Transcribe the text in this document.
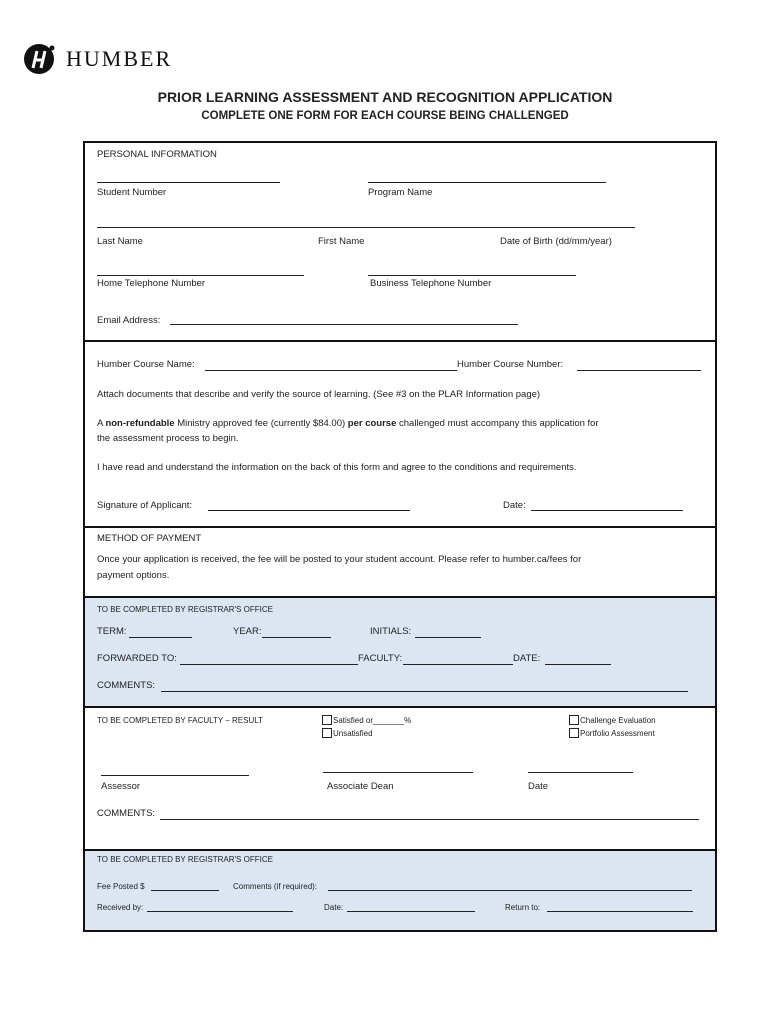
HUMBER
PRIOR LEARNING ASSESSMENT AND RECOGNITION APPLICATION
COMPLETE ONE FORM FOR EACH COURSE BEING CHALLENGED
PERSONAL INFORMATION
Student Number	Program Name
Last Name	First Name	Date of Birth (dd/mm/year)
Home Telephone Number	Business Telephone Number
Email Address:
Humber Course Name:	Humber Course Number:
Attach documents that describe and verify the source of learning. (See #3 on the PLAR Information page)
A non-refundable Ministry approved fee (currently $84.00) per course challenged must accompany this application for
the assessment process to begin.
I have read and understand the information on the back of this form and agree to the conditions and requirements.
Signature of Applicant:	Date:
METHOD OF PAYMENT
Once your application is received, the fee will be posted to your student account. Please refer to humber.ca/fees for
payment options.
TO BE COMPLETED BY REGISTRAR'S OFFICE
TERM:	YEAR:	INITIALS:
FORWARDED TO:	FACULTY:	DATE:
COMMENTS:
TO BE COMPLETED BY FACULTY – RESULT	Satisfied or_______%
Unsatisfied
Challenge Evaluation
Portfolio Assessment
Assessor	Associate Dean	Date
COMMENTS:
TO BE COMPLETED BY REGISTRAR'S OFFICE
Fee Posted $	Comments (if required):
Received by:	Date:	Return to:
